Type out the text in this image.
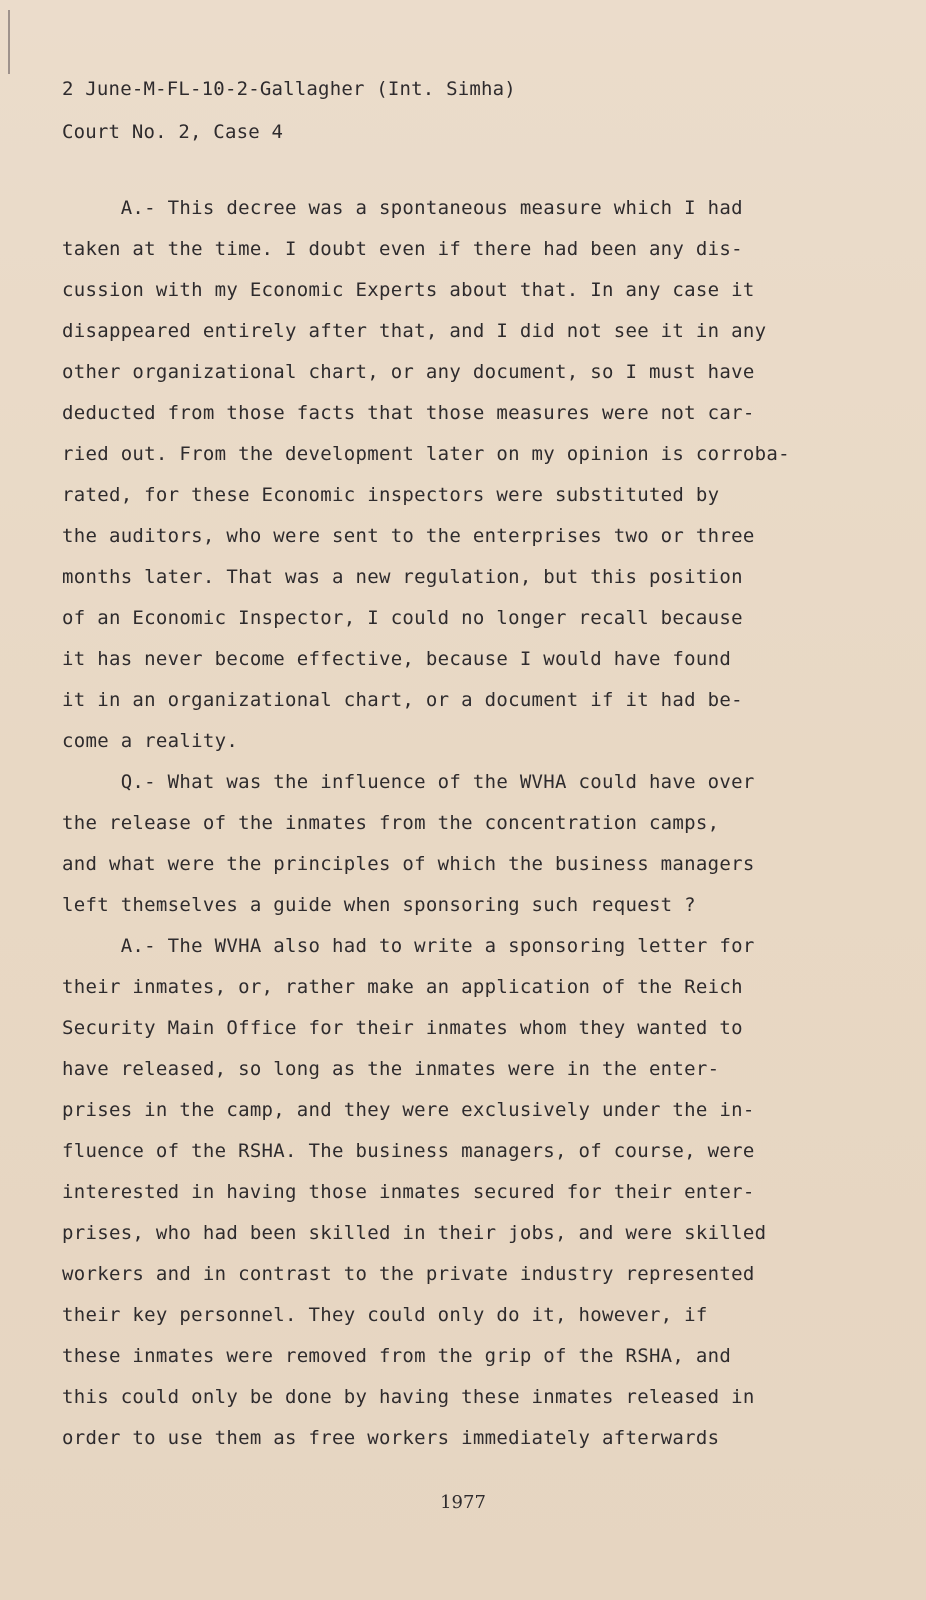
2 June-M-FL-10-2-Gallagher (Int. Simha)
Court No. 2, Case 4
A.- This decree was a spontaneous measure which I had
taken at the time. I doubt even if there had been any dis-
cussion with my Economic Experts about that. In any case it
disappeared entirely after that, and I did not see it in any
other organizational chart, or any document, so I must have
deducted from those facts that those measures were not car-
ried out. From the development later on my opinion is corroba-
rated, for these Economic inspectors were substituted by
the auditors, who were sent to the enterprises two or three
months later. That was a new regulation, but this position
of an Economic Inspector, I could no longer recall because
it has never become effective, because I would have found
it in an organizational chart, or a document if it had be-
come a reality.
Q.- What was the influence of the WVHA could have over
the release of the inmates from the concentration camps,
and what were the principles of which the business managers
left themselves a guide when sponsoring such request ?
A.- The WVHA also had to write a sponsoring letter for
their inmates, or, rather make an application of the Reich
Security Main Office for their inmates whom they wanted to
have released, so long as the inmates were in the enter-
prises in the camp, and they were exclusively under the in-
fluence of the RSHA. The business managers, of course, were
interested in having those inmates secured for their enter-
prises, who had been skilled in their jobs, and were skilled
workers and in contrast to the private industry represented
their key personnel. They could only do it, however, if
these inmates were removed from the grip of the RSHA, and
this could only be done by having these inmates released in
order to use them as free workers immediately afterwards
1977
